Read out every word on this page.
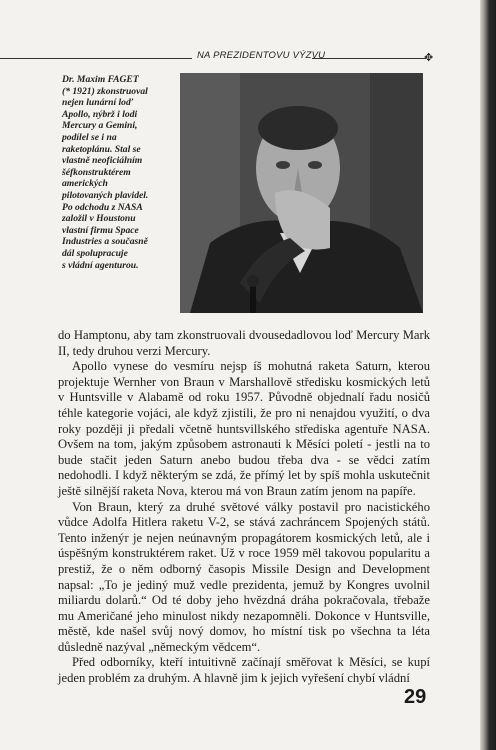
NA PREZIDENTOVU VÝZVU	✥
Dr. Maxim FAGET
(* 1921) zkonstruoval
nejen lunární loď
Apollo, nýbrž i lodi
Mercury a Gemini,
podílel se i na
raketoplánu. Stal se
vlastně neoficiálním
šéfkonstruktérem
amerických
pilotovaných plavidel.
Po odchodu z NASA
založil v Houstonu
vlastní firmu Space
Industries a současně
dál spolupracuje
s vládní agenturou.

do Hamptonu, aby tam zkonstruovali dvousedadlovou loď Mercury Mark II, tedy druhou verzi Mercury.

Apollo vynese do vesmíru nejsp íš mohutná raketa Saturn, kterou projektuje Wernher von Braun v Marshallově středisku kosmických letů v Huntsville v Alabamě od roku 1957. Původně objednalí řadu nosičů téhle kategorie vojáci, ale když zjistili, že pro ni nenajdou využití, o dva roky později ji předali včetně huntsvillského střediska agentuře NASA. Ovšem na tom, jakým způsobem astronauti k Měsíci poletí - jestli na to bude stačit jeden Saturn anebo budou třeba dva - se vědci zatím nedohodli. I když některým se zdá, že přímý let by spíš mohla uskutečnit ještě silnější raketa Nova, kterou má von Braun zatím jenom na papíře.

Von Braun, který za druhé světové války postavil pro nacistického vůdce Adolfa Hitlera raketu V-2, se stává zachráncem Spojených států. Tento inženýr je nejen neúnavným propagátorem kosmických letů, ale i úspěšným konstruktérem raket. Už v roce 1959 měl takovou popularitu a prestiž, že o něm odborný časopis Missile Design and Development napsal: „To je jediný muž vedle prezidenta, jemuž by Kongres uvolnil miliardu dolarů.“ Od té doby jeho hvězdná dráha pokračovala, třebaže mu Američané jeho minulost nikdy nezapomněli. Dokonce v Huntsville, městě, kde našel svůj nový domov, ho místní tisk po všechna ta léta důsledně nazýval „německým vědcem“.

Před odborníky, kteří intuitivně začínají směřovat k Měsíci, se kupí jeden problém za druhým. A hlavně jim k jejich vyřešení chybí vládní

29
